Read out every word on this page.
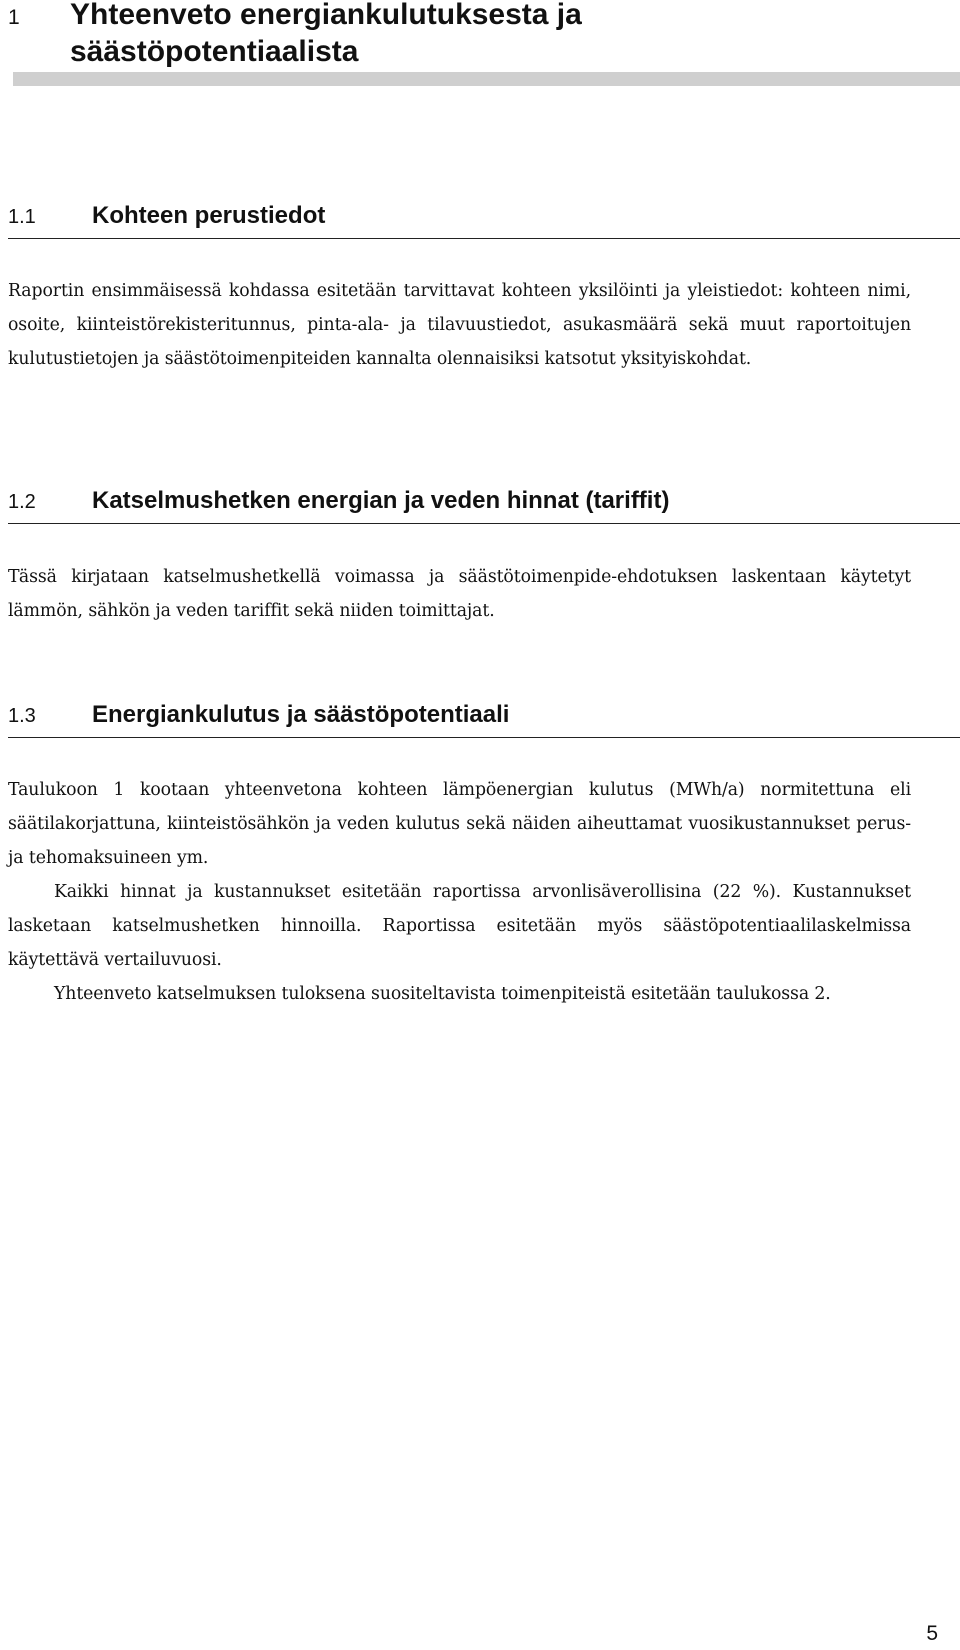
1 Yhteenveto energiankulutuksesta ja säästöpotentiaalista
1.1 Kohteen perustiedot

Raportin ensimmäisessä kohdassa esitetään tarvittavat kohteen yksilöinti ja yleistiedot: kohteen nimi, osoite, kiinteistörekisteritunnus, pinta-ala- ja tilavuustiedot, asukasmäärä sekä muut raportoitujen kulutustietojen ja säästötoimenpiteiden kannalta olennaisiksi katsotut yksityiskohdat.

1.2 Katselmushetken energian ja veden hinnat (tariffit)

Tässä kirjataan katselmushetkellä voimassa ja säästötoimenpide-ehdotuksen laskentaan käytetyt lämmön, sähkön ja veden tariffit sekä niiden toimittajat.

1.3 Energiankulutus ja säästöpotentiaali

Taulukoon 1 kootaan yhteenvetona kohteen lämpöenergian kulutus (MWh/a) normitettuna eli säätilakorjattuna, kiinteistösähkön ja veden kulutus sekä näiden aiheuttamat vuosikustannukset perus- ja tehomaksuineen ym.

Kaikki hinnat ja kustannukset esitetään raportissa arvonlisäverollisina (22 %). Kustannukset lasketaan katselmushetken hinnoilla. Raportissa esitetään myös säästöpotentiaalilaskelmissa käytettävä vertailuvuosi.

Yhteenveto katselmuksen tuloksena suositeltavista toimenpiteistä esitetään taulukossa 2.

5
